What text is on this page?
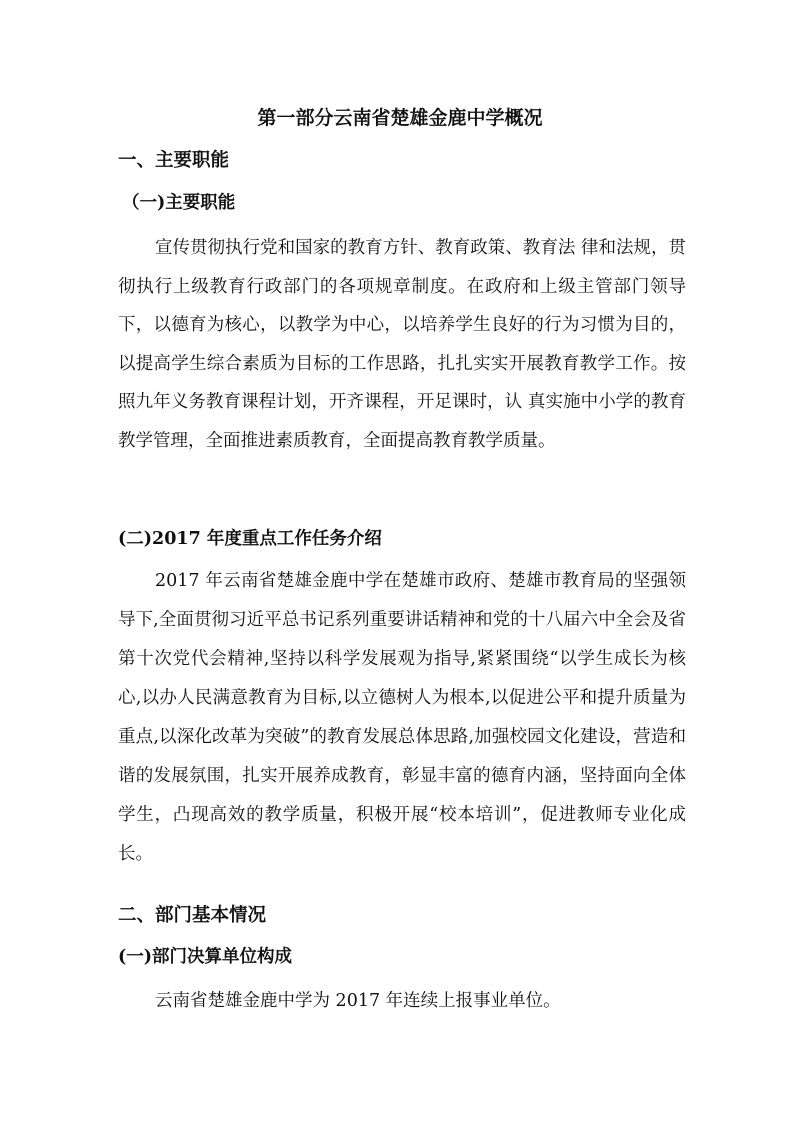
第一部分云南省楚雄金鹿中学概况
一、主要职能
（一)主要职能

宣传贯彻执行党和国家的教育方针、教育政策、教育法 律和法规，贯彻执行上级教育行政部门的各项规章制度。在政府和上级主管部门领导下，以德育为核心，以教学为中心，以培养学生良好的行为习惯为目的，以提高学生综合素质为目标的工作思路，扎扎实实开展教育教学工作。按照九年义务教育课程计划，开齐课程，开足课时，认 真实施中小学的教育教学管理，全面推进素质教育，全面提高教育教学质量。

(二)2017 年度重点工作任务介绍

2017 年云南省楚雄金鹿中学在楚雄市政府、楚雄市教育局的坚强领导下,全面贯彻习近平总书记系列重要讲话精神和党的十八届六中全会及省第十次党代会精神,坚持以科学发展观为指导,紧紧围绕“以学生成长为核心,以办人民满意教育为目标,以立德树人为根本,以促进公平和提升质量为重点,以深化改革为突破”的教育发展总体思路,加强校园文化建设，营造和谐的发展氛围，扎实开展养成教育，彰显丰富的德育内涵，坚持面向全体学生，凸现高效的教学质量，积极开展“校本培训”，促进教师专业化成长。

二、部门基本情况
(一)部门决算单位构成

云南省楚雄金鹿中学为 2017 年连续上报事业单位。
